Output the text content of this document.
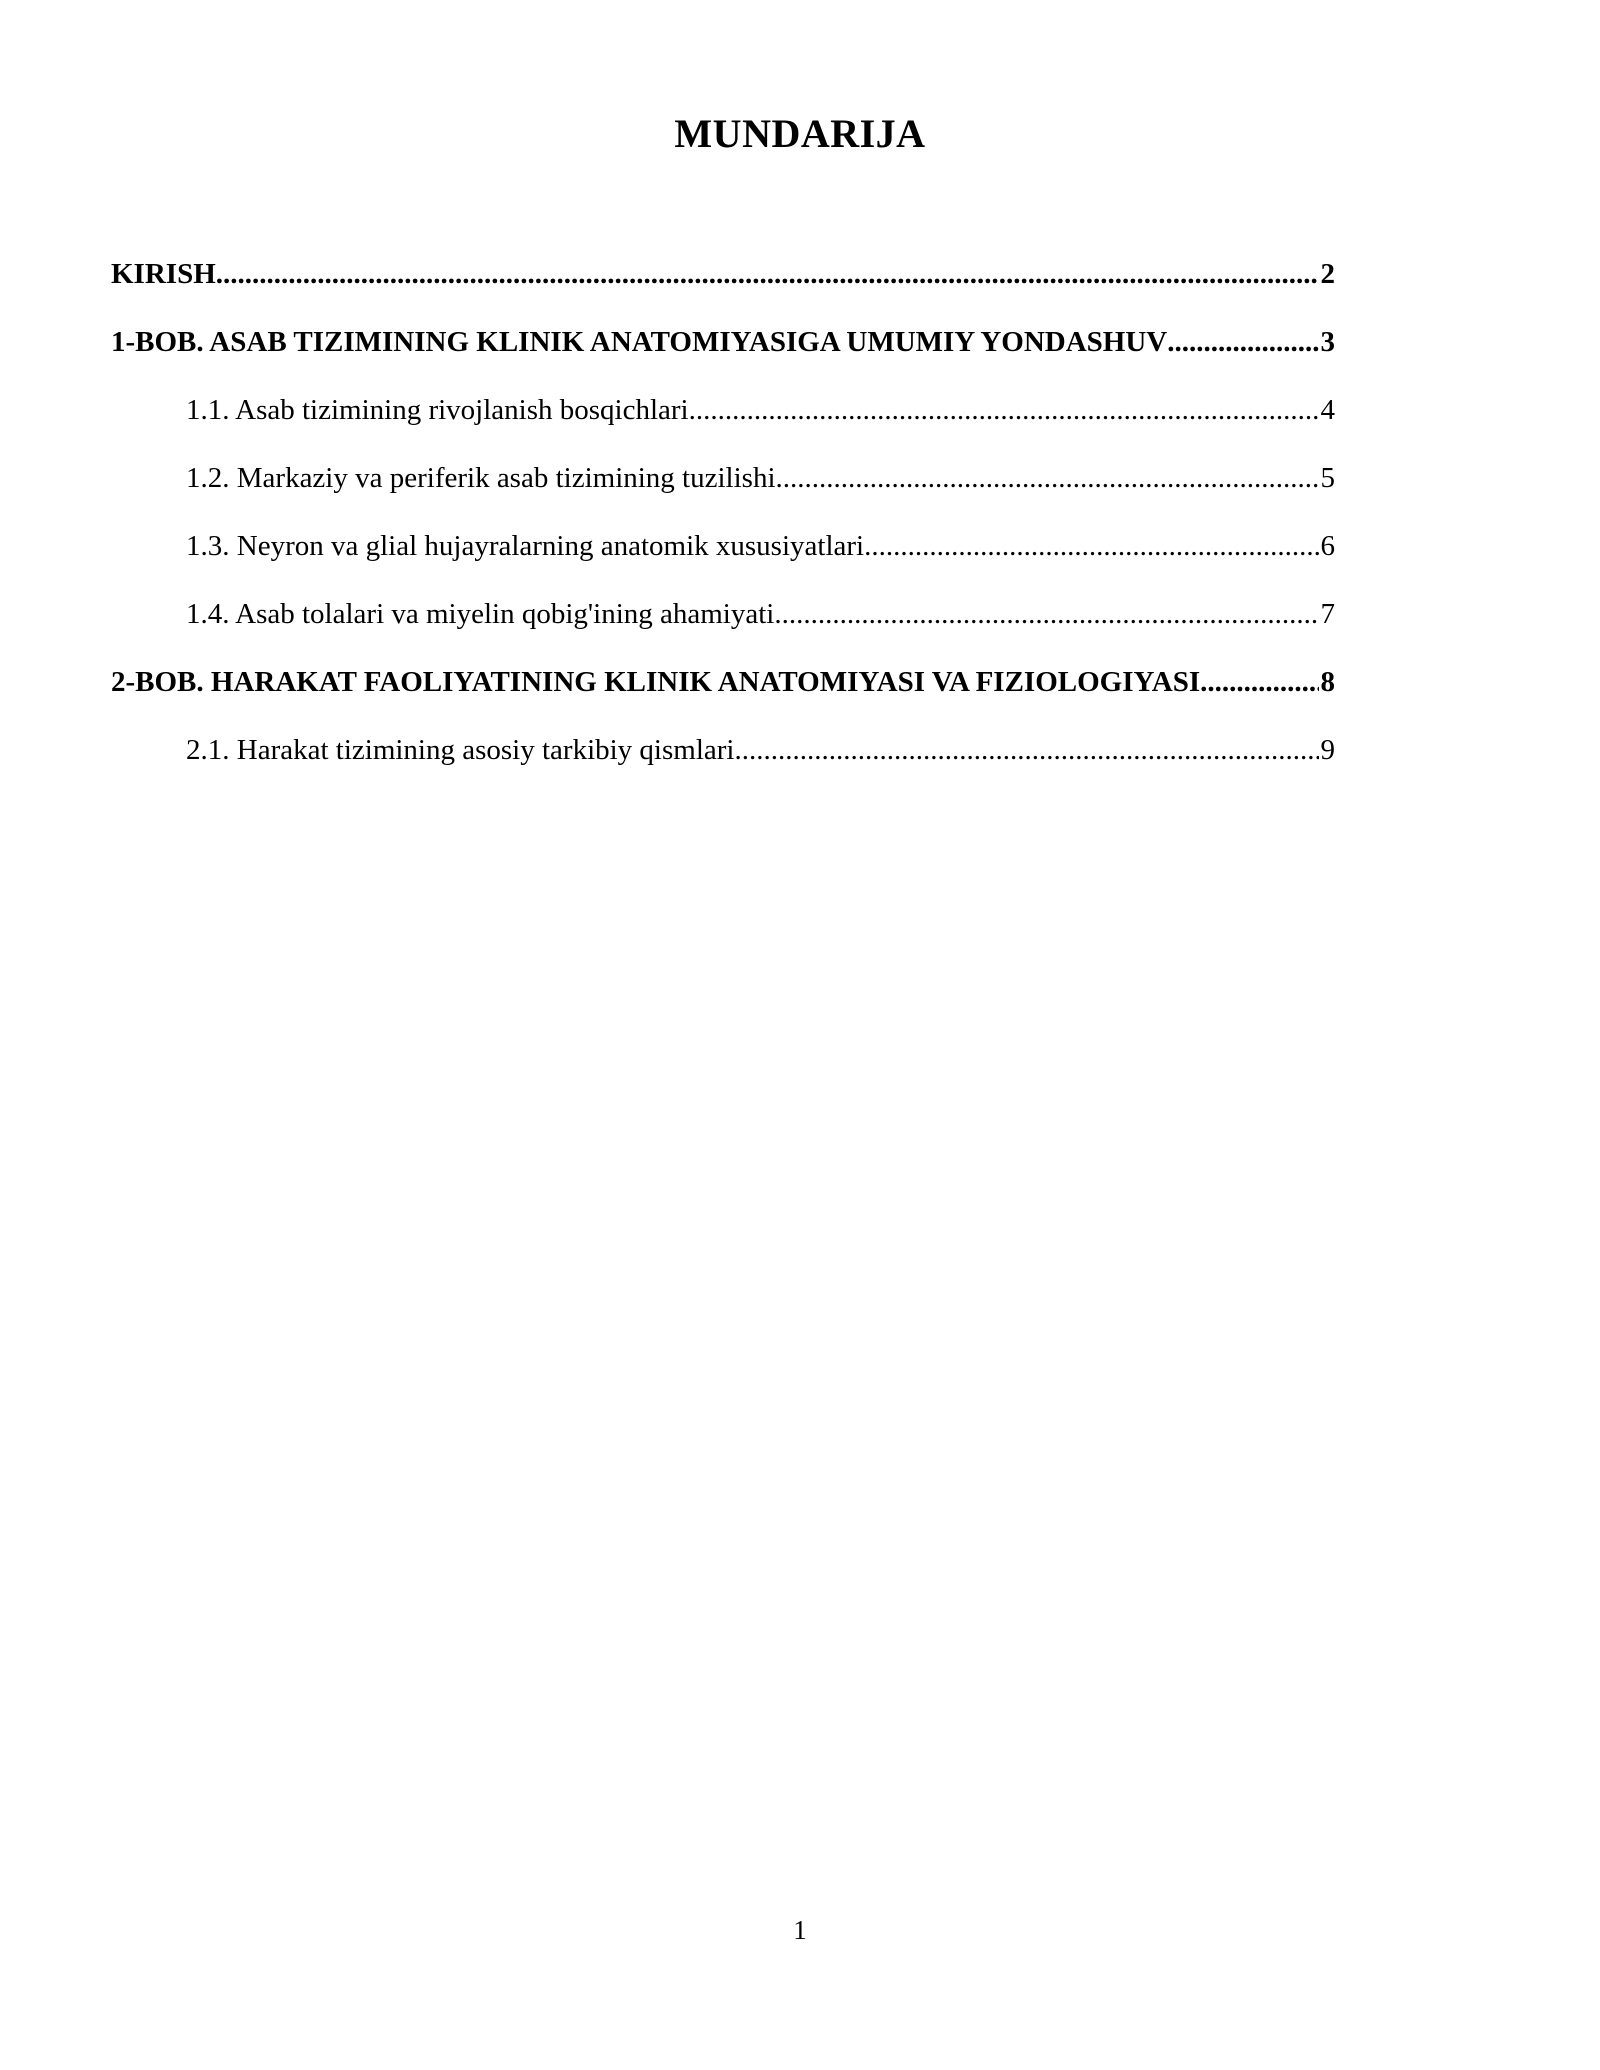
MUNDARIJA
KIRISH .....	2
1-BOB. ASAB TIZIMINING KLINIK ANATOMIYASIGA UMUMIY YONDASHUV .....	3
1.1. Asab tizimining rivojlanish bosqichlari .....	4
1.2. Markaziy va periferik asab tizimining tuzilishi .....	5
1.3. Neyron va glial hujayralarning anatomik xususiyatlari .....	6
1.4. Asab tolalari va miyelin qobig'ining ahamiyati .....	7
2-BOB. HARAKAT FAOLIYATINING KLINIK ANATOMIYASI VA FIZIOLOGIYASI .....	8
2.1. Harakat tizimining asosiy tarkibiy qismlari .....	9
1
